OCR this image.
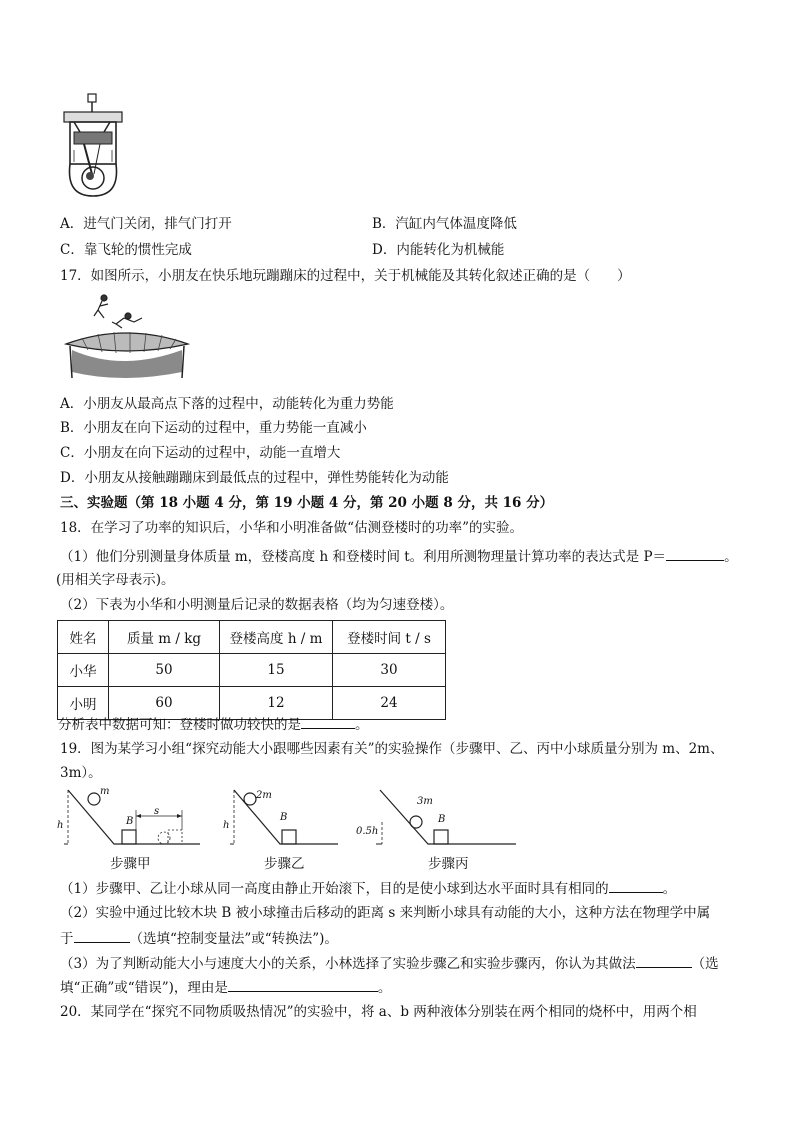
A．进气门关闭，排气门打开	B．汽缸内气体温度降低
C．靠飞轮的惯性完成	D．内能转化为机械能
17．如图所示，小朋友在快乐地玩蹦蹦床的过程中，关于机械能及其转化叙述正确的是（　　）
A．小朋友从最高点下落的过程中，动能转化为重力势能
B．小朋友在向下运动的过程中，重力势能一直减小
C．小朋友在向下运动的过程中，动能一直增大
D．小朋友从接触蹦蹦床到最低点的过程中，弹性势能转化为动能
三、实验题（第 18 小题 4 分，第 19 小题 4 分，第 20 小题 8 分，共 16 分）
18．在学习了功率的知识后，小华和小明准备做“估测登楼时的功率”的实验。
（1）他们分别测量身体质量 m，登楼高度 h 和登楼时间 t。利用所测物理量计算功率的表达式是 P＝	。
(用相关字母表示)。
（2）下表为小华和小明测量后记录的数据表格（均为匀速登楼）。
姓名	质量 m / kg	登楼高度 h / m	登楼时间 t / s
小华	50	15	30
小明	60	12	24
分析表中数据可知：登楼时做功较快的是	。
19．图为某学习小组“探究动能大小跟哪些因素有关”的实验操作（步骤甲、乙、丙中小球质量分别为 m、2m、
3m）。
m
h	B
s
步骤甲
2m
h
B
步骤乙
3m
0.5h
B
步骤丙
（1）步骤甲、乙让小球从同一高度由静止开始滚下，目的是使小球到达水平面时具有相同的	。
（2）实验中通过比较木块 B 被小球撞击后移动的距离 s 来判断小球具有动能的大小，这种方法在物理学中属
于	（选填“控制变量法”或“转换法”)。
（3）为了判断动能大小与速度大小的关系，小林选择了实验步骤乙和实验步骤丙，你认为其做法	（选
填“正确”或“错误”)，理由是	。
20．某同学在“探究不同物质吸热情况”的实验中，将 a、b 两种液体分别装在两个相同的烧杯中，用两个相
